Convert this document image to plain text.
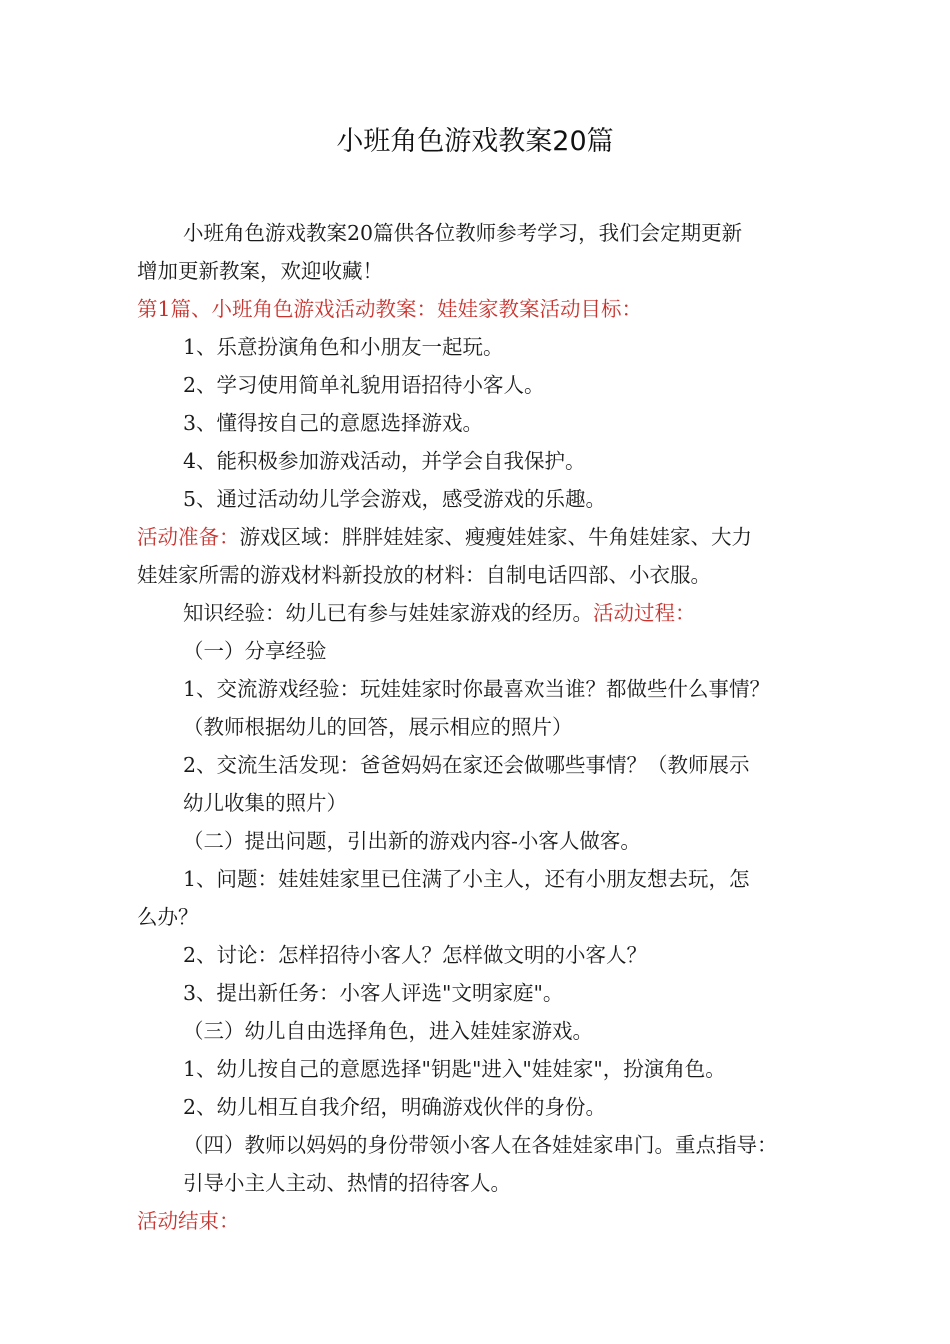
小班角色游戏教案20篇
小班角色游戏教案20篇供各位教师参考学习，我们会定期更新
增加更新教案，欢迎收藏！
第1篇、小班角色游戏活动教案：娃娃家教案活动目标：
1、乐意扮演角色和小朋友一起玩。
2、学习使用简单礼貌用语招待小客人。
3、懂得按自己的意愿选择游戏。
4、能积极参加游戏活动，并学会自我保护。
5、通过活动幼儿学会游戏，感受游戏的乐趣。
活动准备：游戏区域：胖胖娃娃家、瘦瘦娃娃家、牛角娃娃家、大力
娃娃家所需的游戏材料新投放的材料：自制电话四部、小衣服。
知识经验：幼儿已有参与娃娃家游戏的经历。活动过程：
（一）分享经验
1、交流游戏经验：玩娃娃家时你最喜欢当谁？都做些什么事情？
（教师根据幼儿的回答，展示相应的照片）
2、交流生活发现：爸爸妈妈在家还会做哪些事情？（教师展示
幼儿收集的照片）
（二）提出问题，引出新的游戏内容-小客人做客。
1、问题：娃娃娃家里已住满了小主人，还有小朋友想去玩，怎
么办？
2、讨论：怎样招待小客人？怎样做文明的小客人？
3、提出新任务：小客人评选"文明家庭"。
（三）幼儿自由选择角色，进入娃娃家游戏。
1、幼儿按自己的意愿选择"钥匙"进入"娃娃家"，扮演角色。
2、幼儿相互自我介绍，明确游戏伙伴的身份。
（四）教师以妈妈的身份带领小客人在各娃娃家串门。重点指导：
引导小主人主动、热情的招待客人。
活动结束：
